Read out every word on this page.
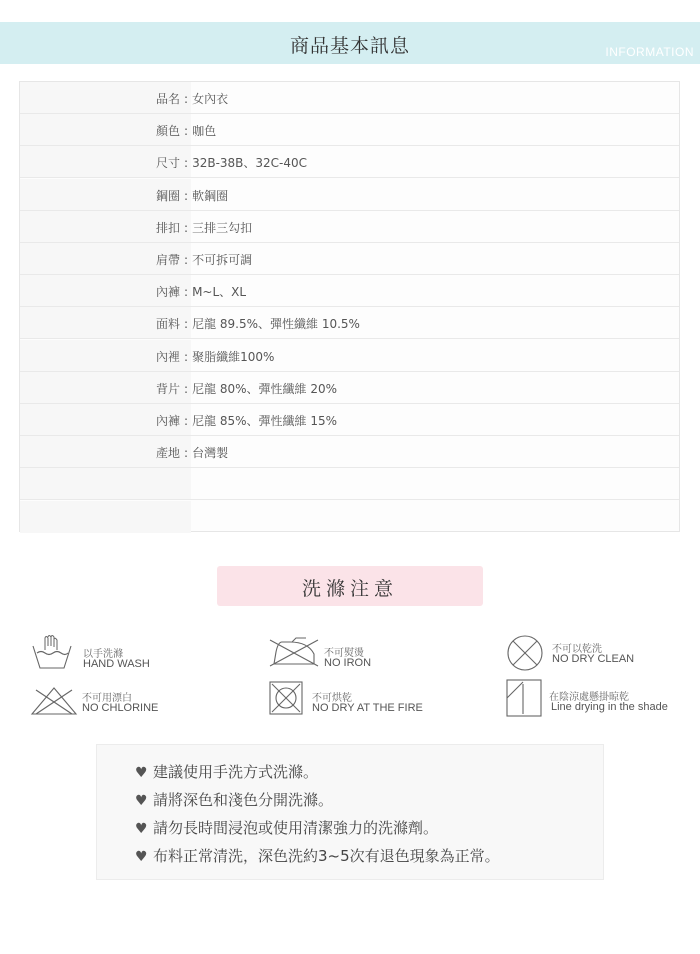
商品基本訊息	INFORMATION
品名 : 女內衣
顏色 : 咖色
尺寸 : 32B-38B、32C-40C
鋼圈 : 軟鋼圈
排扣 : 三排三勾扣
肩帶 : 不可拆可調
內褲 : M~L、XL
面料 : 尼龍 89.5%、彈性纖維 10.5%
內裡 : 聚脂纖維100%
背片 : 尼龍 80%、彈性纖維 20%
內褲 : 尼龍 85%、彈性纖維 15%
產地 : 台灣製
洗滌注意
以手洗滌
HAND WASH
不可熨燙
NO IRON
不可以乾洗
NO DRY CLEAN
不可用漂白
NO CHLORINE
不可烘乾
NO DRY AT THE FIRE
在陰涼處懸掛晾乾
Line drying in the shade
♥ 建議使用手洗方式洗滌。
♥ 請將深色和淺色分開洗滌。
♥ 請勿長時間浸泡或使用清潔強力的洗滌劑。
♥ 布料正常清洗，深色洗約3~5次有退色現象為正常。
